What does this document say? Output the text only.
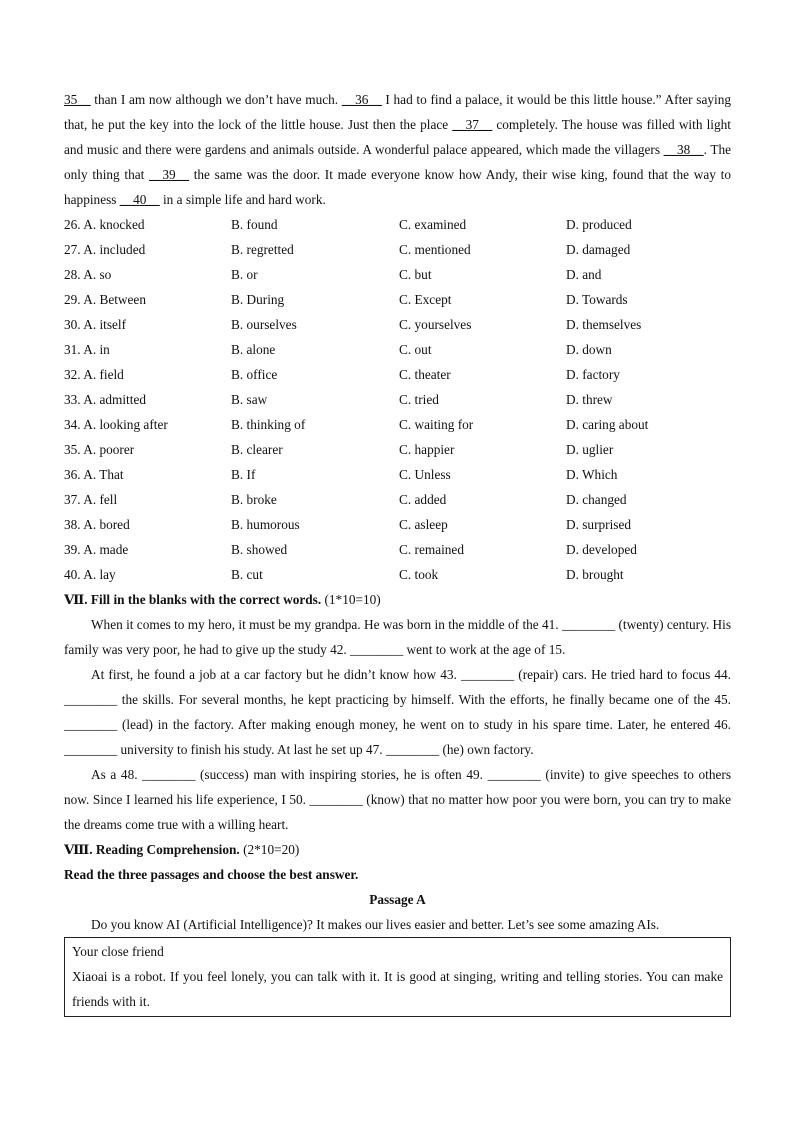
35__ than I am now although we don’t have much. __36__ I had to find a palace, it would be this little house.” After saying that, he put the key into the lock of the little house. Just then the place __37__ completely. The house was filled with light and music and there were gardens and animals outside. A wonderful palace appeared, which made the villagers __38__. The only thing that __39__ the same was the door. It made everyone know how Andy, their wise king, found that the way to happiness __40__ in a simple life and hard work.

26. A. knocked	B. found	C. examined	D. produced
27. A. included	B. regretted	C. mentioned	D. damaged
28. A. so	B. or	C. but	D. and
29. A. Between	B. During	C. Except	D. Towards
30. A. itself	B. ourselves	C. yourselves	D. themselves
31. A. in	B. alone	C. out	D. down
32. A. field	B. office	C. theater	D. factory
33. A. admitted	B. saw	C. tried	D. threw
34. A. looking after	B. thinking of	C. waiting for	D. caring about
35. A. poorer	B. clearer	C. happier	D. uglier
36. A. That	B. If	C. Unless	D. Which
37. A. fell	B. broke	C. added	D. changed
38. A. bored	B. humorous	C. asleep	D. surprised
39. A. made	B. showed	C. remained	D. developed
40. A. lay	B. cut	C. took	D. brought

Ⅶ. Fill in the blanks with the correct words. (1*10=10)

When it comes to my hero, it must be my grandpa. He was born in the middle of the 41. ________ (twenty) century. His family was very poor, he had to give up the study 42. ________ went to work at the age of 15.

At first, he found a job at a car factory but he didn’t know how 43. ________ (repair) cars. He tried hard to focus 44. ________ the skills. For several months, he kept practicing by himself. With the efforts, he finally became one of the 45. ________ (lead) in the factory. After making enough money, he went on to study in his spare time. Later, he entered 46. ________ university to finish his study. At last he set up 47. ________ (he) own factory.

As a 48. ________ (success) man with inspiring stories, he is often 49. ________ (invite) to give speeches to others now. Since I learned his life experience, I 50. ________ (know) that no matter how poor you were born, you can try to make the dreams come true with a willing heart.

Ⅷ. Reading Comprehension. (2*10=20)

Read the three passages and choose the best answer.

Passage A

Do you know AI (Artificial Intelligence)? It makes our lives easier and better. Let’s see some amazing AIs.

Your close friend

Xiaoai is a robot. If you feel lonely, you can talk with it. It is good at singing, writing and telling stories. You can make friends with it.
